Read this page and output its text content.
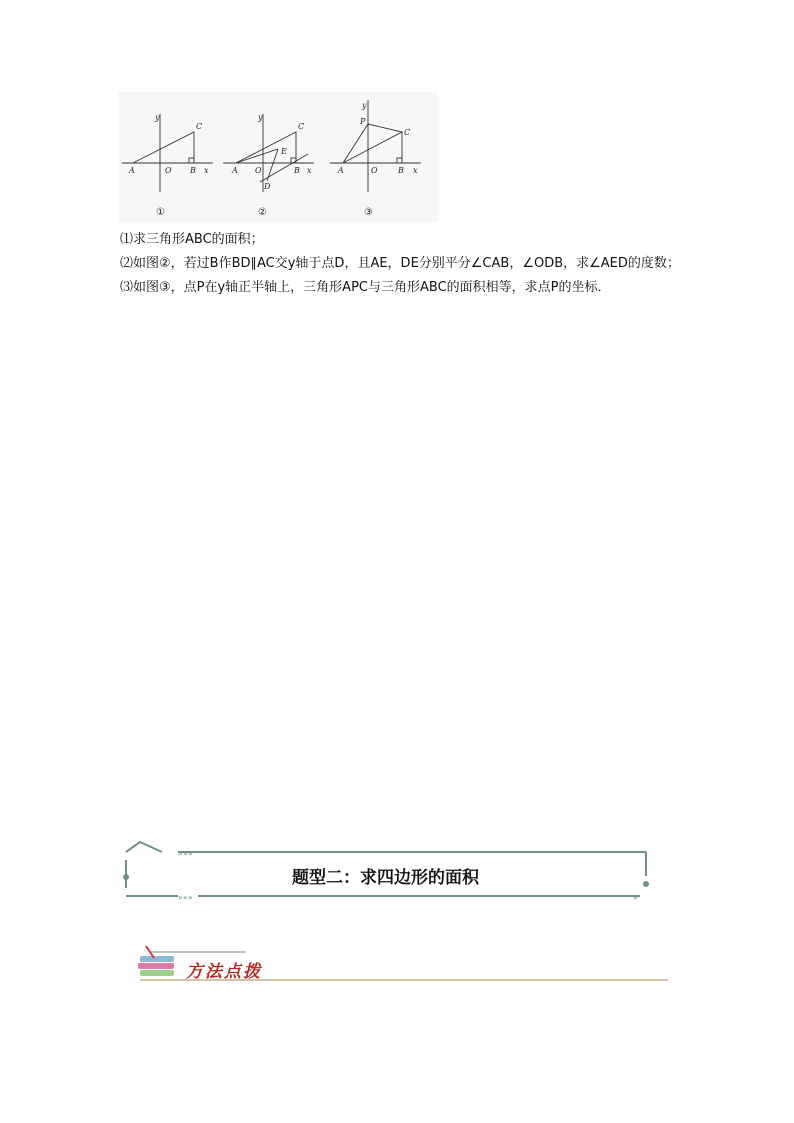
y
C
A	O B x
①
y
C
E
A O	B x
D
②
y
P
C
A	O	B x
③

⑴求三角形ABC的面积；

⑵如图②，若过B作BD∥AC交y轴于点D，且AE，DE分别平分∠CAB，∠ODB，求∠AED的度数；

⑶如图③，点P在y轴正半轴上，三角形APC与三角形ABC的面积相等，求点P的坐标．

»»»
»»»	»
题型二：求四边形的面积
方法点拨
